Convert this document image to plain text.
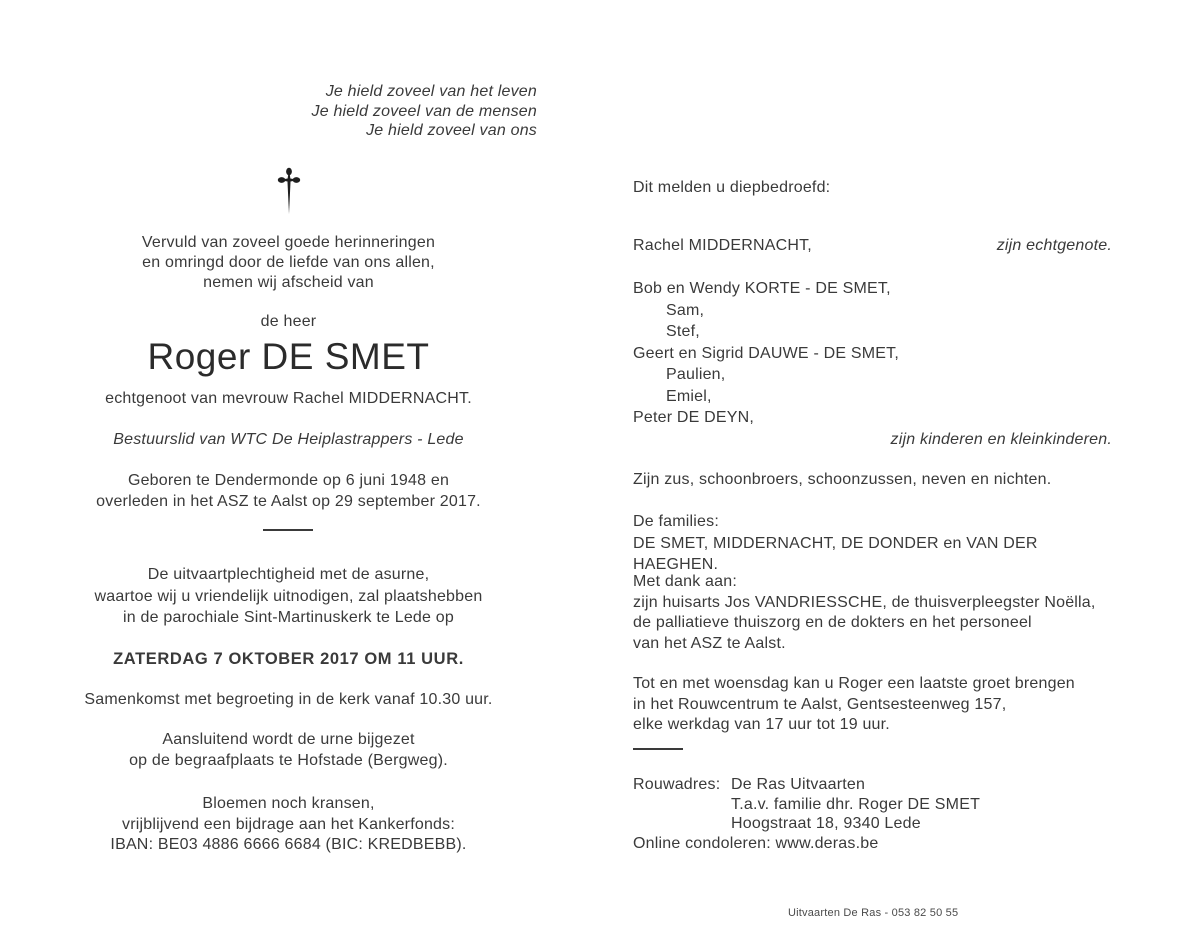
Je hield zoveel van het leven
Je hield zoveel van de mensen
Je hield zoveel van ons
Vervuld van zoveel goede herinneringen
en omringd door de liefde van ons allen,
nemen wij afscheid van
de heer
Roger DE SMET
echtgenoot van mevrouw Rachel MIDDERNACHT.
Bestuurslid van WTC De Heiplastrappers - Lede
Geboren te Dendermonde op 6 juni 1948 en
overleden in het ASZ te Aalst op 29 september 2017.
De uitvaartplechtigheid met de asurne,
waartoe wij u vriendelijk uitnodigen, zal plaatshebben
in de parochiale Sint-Martinuskerk te Lede op
ZATERDAG 7 OKTOBER 2017 OM 11 UUR.
Samenkomst met begroeting in de kerk vanaf 10.30 uur.
Aansluitend wordt de urne bijgezet
op de begraafplaats te Hofstade (Bergweg).
Bloemen noch kransen,
vrijblijvend een bijdrage aan het Kankerfonds:
IBAN: BE03 4886 6666 6684 (BIC: KREDBEBB).
Dit melden u diepbedroefd:
Rachel MIDDERNACHT,	zijn echtgenote.
Bob en Wendy KORTE - DE SMET,
Sam,
Stef,
Geert en Sigrid DAUWE - DE SMET,
Paulien,
Emiel,
Peter DE DEYN,
zijn kinderen en kleinkinderen.
Zijn zus, schoonbroers, schoonzussen, neven en nichten.
De families:
DE SMET, MIDDERNACHT, DE DONDER en VAN DER HAEGHEN.
Met dank aan:
zijn huisarts Jos VANDRIESSCHE, de thuisverpleegster Noëlla,
de palliatieve thuiszorg en de dokters en het personeel
van het ASZ te Aalst.
Tot en met woensdag kan u Roger een laatste groet brengen
in het Rouwcentrum te Aalst, Gentsesteenweg 157,
elke werkdag van 17 uur tot 19 uur.
Rouwadres: De Ras Uitvaarten
T.a.v. familie dhr. Roger DE SMET
Hoogstraat 18, 9340 Lede
Online condoleren: www.deras.be
Uitvaarten De Ras - 053 82 50 55
